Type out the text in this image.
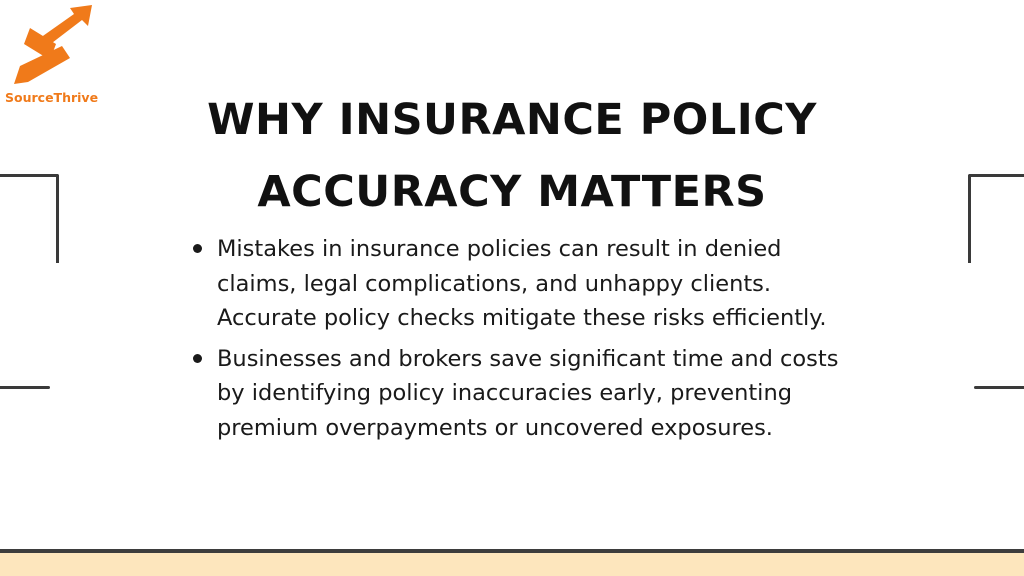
SourceThrive	WHY INSURANCE POLICY
ACCURACY MATTERS
Mistakes in insurance policies can result in denied claims, legal complications, and unhappy clients. Accurate policy checks mitigate these risks efficiently.
Businesses and brokers save significant time and costs by identifying policy inaccuracies early, preventing premium overpayments or uncovered exposures.
